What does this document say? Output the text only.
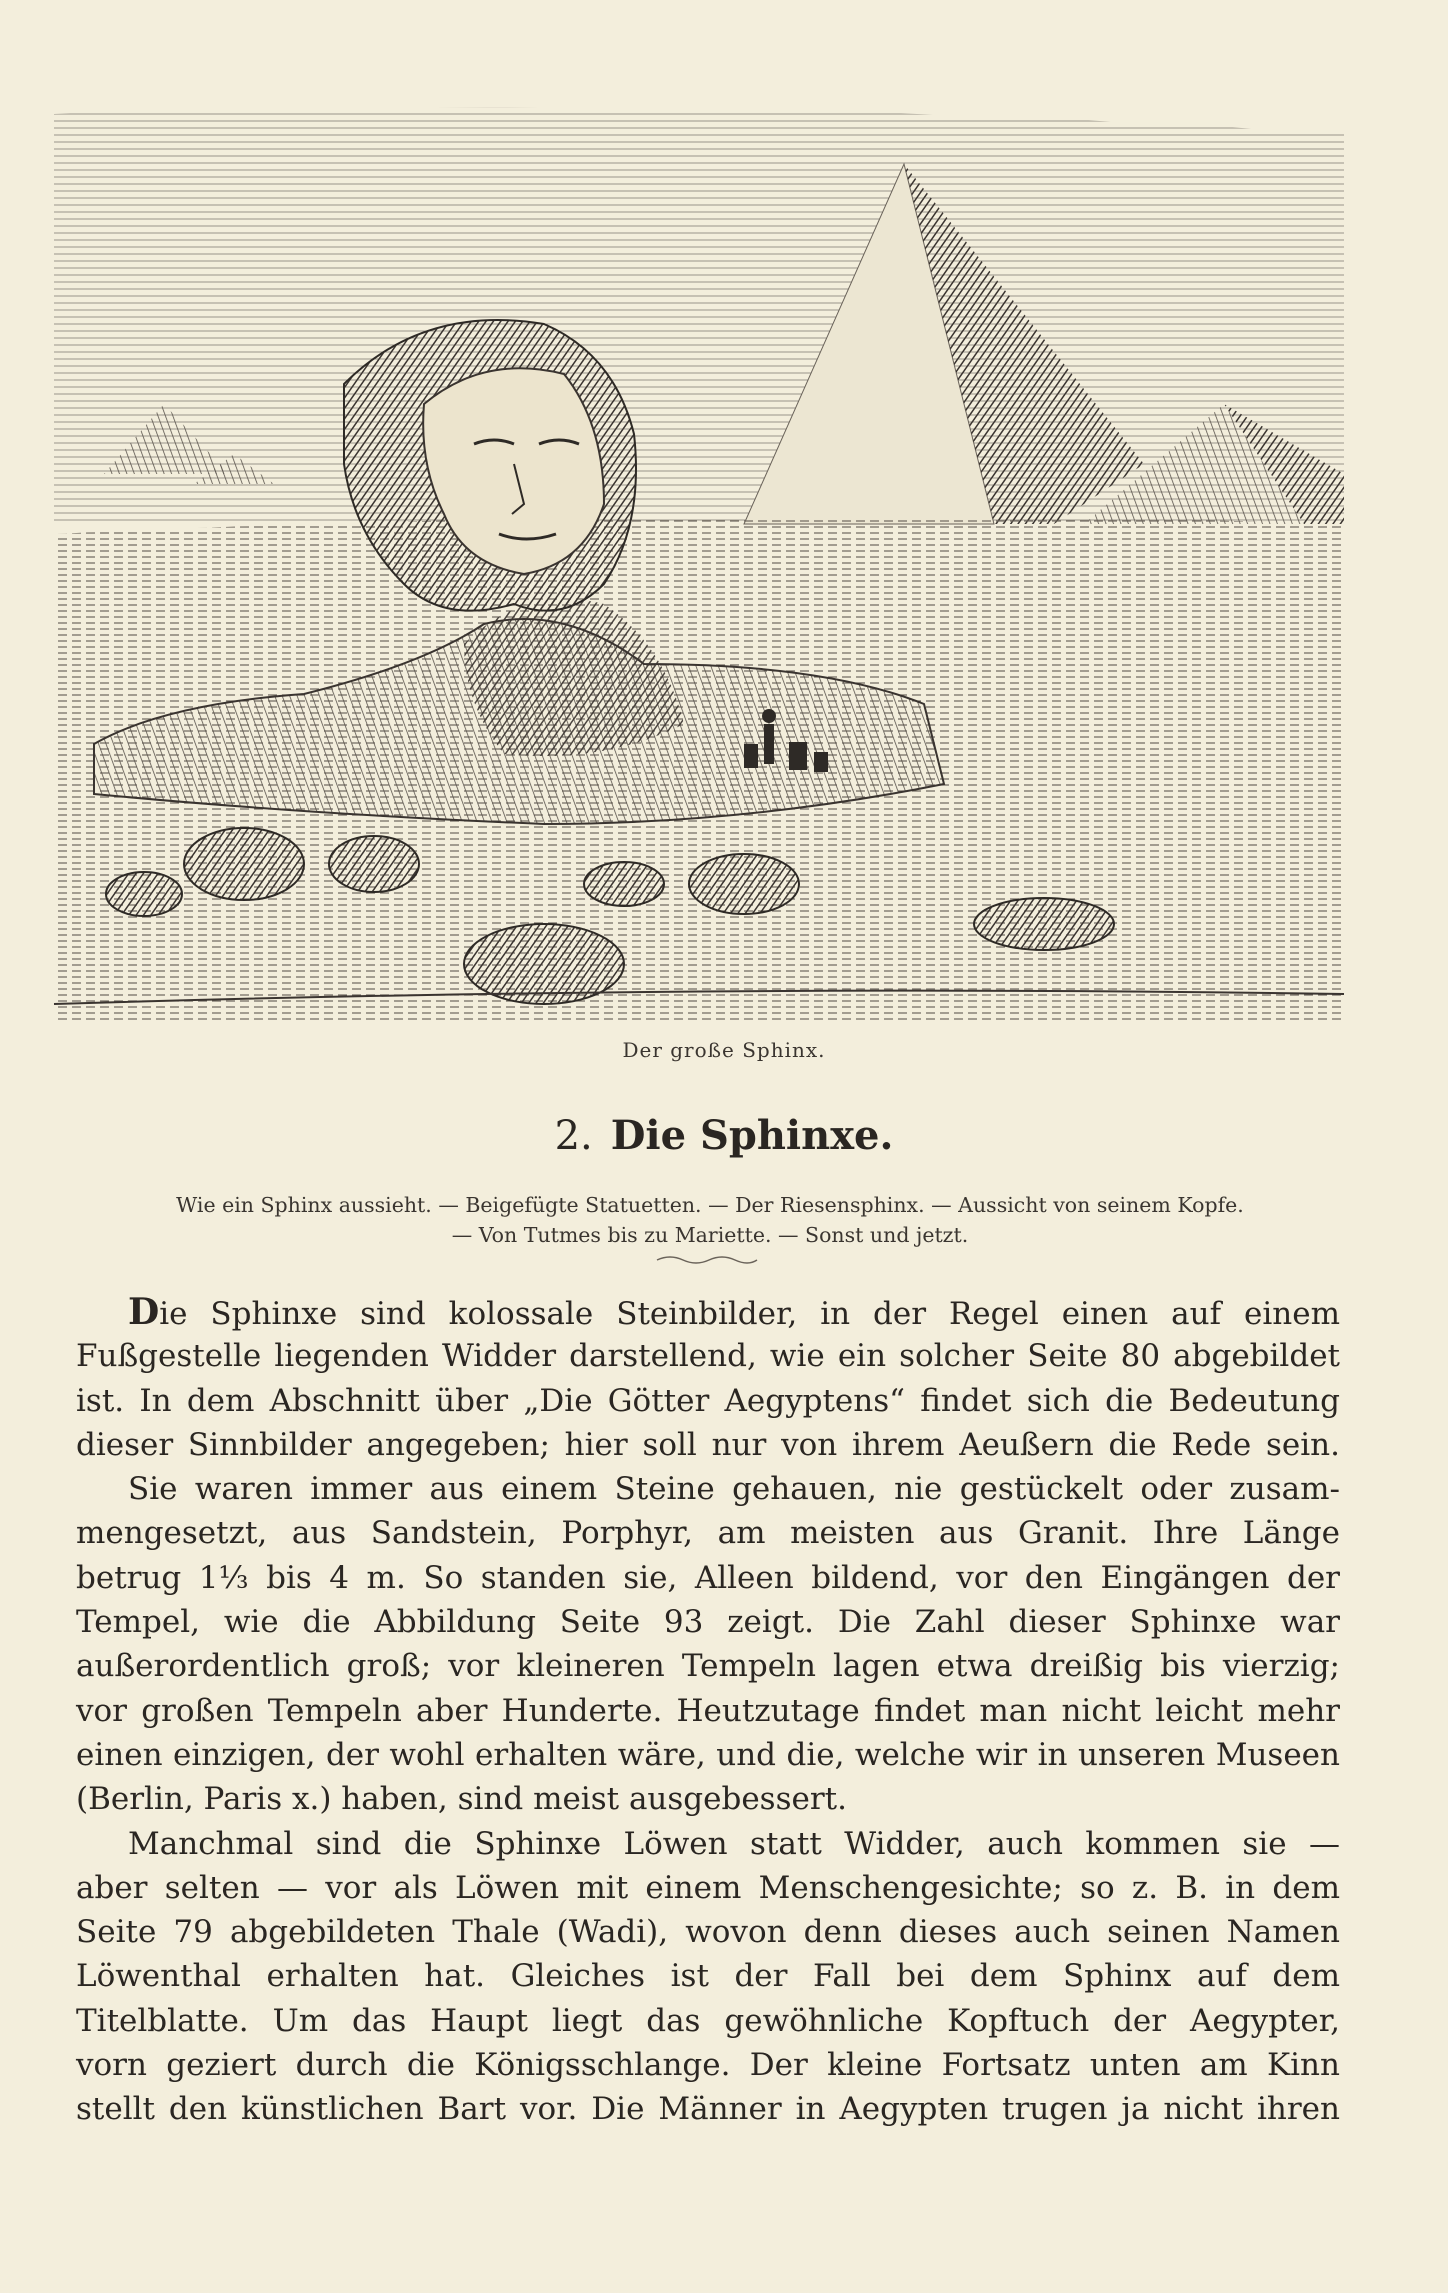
Der große Sphinx.
2. Die Sphinxe.
Wie ein Sphinx aussieht. — Beigefügte Statuetten. — Der Riesensphinx. — Aussicht von seinem Kopfe.
— Von Tutmes bis zu Mariette. — Sonst und jetzt.
Die Sphinxe sind kolossale Steinbilder, in der Regel einen auf einem
Fußgestelle liegenden Widder darstellend, wie ein solcher Seite 80 abgebildet
ist. In dem Abschnitt über „Die Götter Aegyptens“ findet sich die Bedeutung
dieser Sinnbilder angegeben; hier soll nur von ihrem Aeußern die Rede sein.
Sie waren immer aus einem Steine gehauen, nie gestückelt oder zusam-
mengesetzt, aus Sandstein, Porphyr, am meisten aus Granit. Ihre Länge
betrug 1⅓ bis 4 m. So standen sie, Alleen bildend, vor den Eingängen der
Tempel, wie die Abbildung Seite 93 zeigt. Die Zahl dieser Sphinxe war
außerordentlich groß; vor kleineren Tempeln lagen etwa dreißig bis vierzig;
vor großen Tempeln aber Hunderte. Heutzutage findet man nicht leicht mehr
einen einzigen, der wohl erhalten wäre, und die, welche wir in unseren Museen
(Berlin, Paris x.) haben, sind meist ausgebessert.
Manchmal sind die Sphinxe Löwen statt Widder, auch kommen sie —
aber selten — vor als Löwen mit einem Menschengesichte; so z. B. in dem
Seite 79 abgebildeten Thale (Wadi), wovon denn dieses auch seinen Namen
Löwenthal erhalten hat. Gleiches ist der Fall bei dem Sphinx auf dem
Titelblatte. Um das Haupt liegt das gewöhnliche Kopftuch der Aegypter,
vorn geziert durch die Königsschlange. Der kleine Fortsatz unten am Kinn
stellt den künstlichen Bart vor. Die Männer in Aegypten trugen ja nicht ihren
